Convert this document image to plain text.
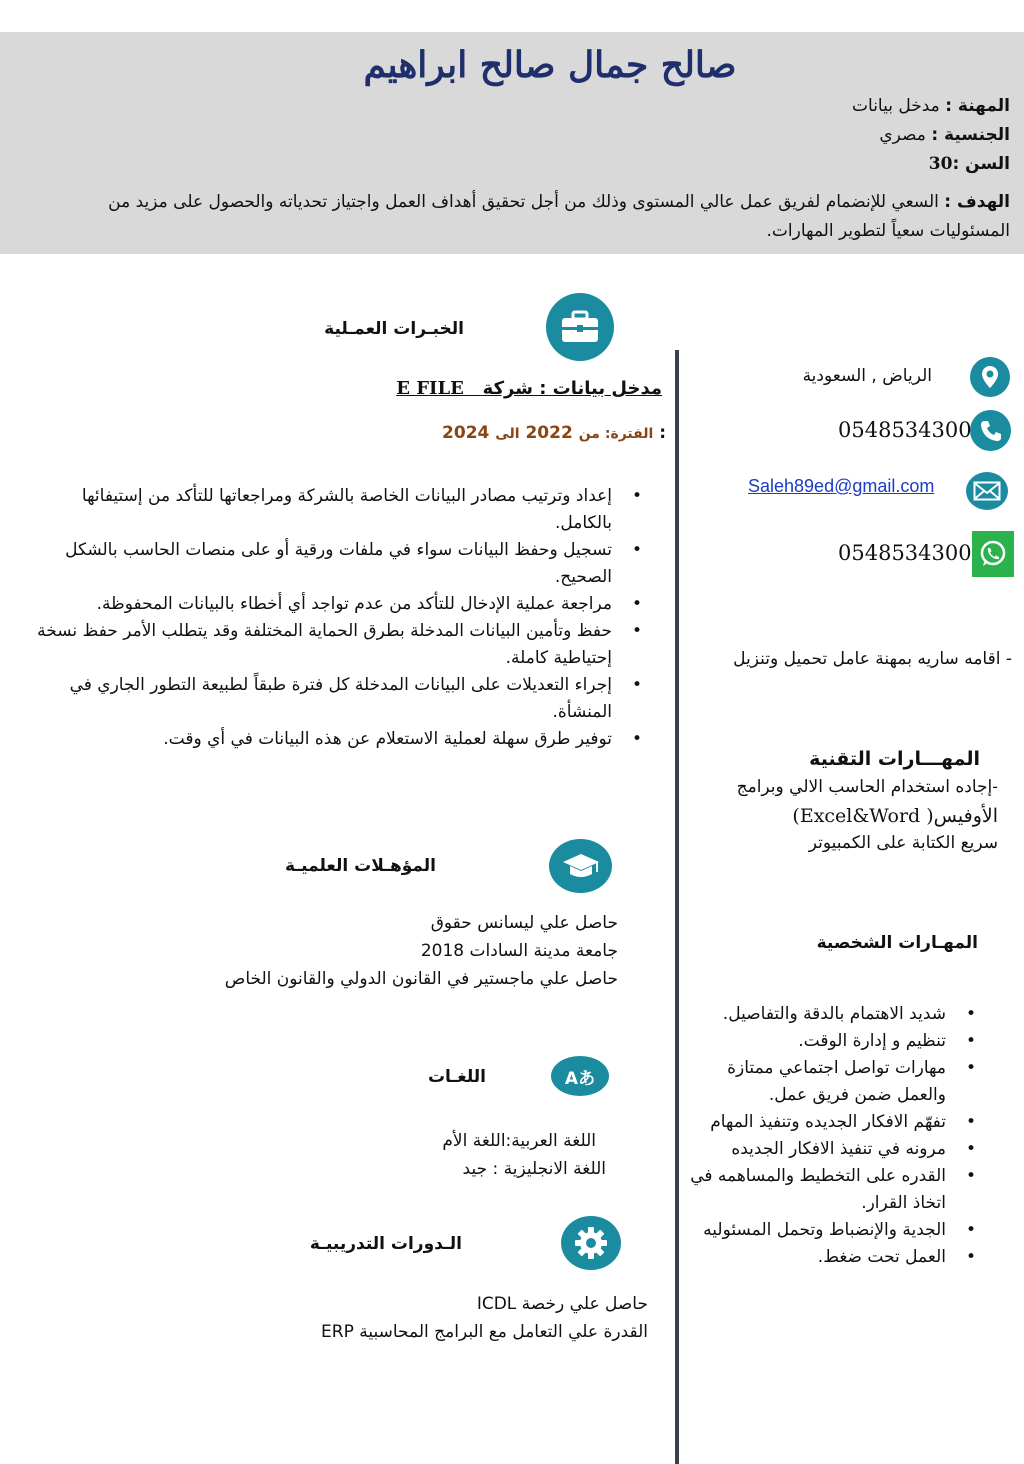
صالح جمال صالح ابراهيم
المهنة : مدخل بيانات
الجنسية : مصري
السن :30
الهدف : السعي للإنضمام لفريق عمل عالي المستوى وذلك من أجل تحقيق أهداف العمل واجتياز تحدياته والحصول على مزيد من المسئوليات سعياً لتطوير المهارات.
الخبـرات العمـلية
مدخل بيانات : شركة   E FILE
: الفترة: من 2022 الى 2024
• إعداد وترتيب مصادر البيانات الخاصة بالشركة ومراجعاتها للتأكد من إستيفائها بالكامل.
• تسجيل وحفظ البيانات سواء في ملفات ورقية أو على منصات الحاسب بالشكل الصحيح.
• مراجعة عملية الإدخال للتأكد من عدم تواجد أي أخطاء بالبيانات المحفوظة.
• حفظ وتأمين البيانات المدخلة بطرق الحماية المختلفة وقد يتطلب الأمر حفظ نسخة إحتياطية كاملة.
• إجراء التعديلات على البيانات المدخلة كل فترة طبقاً لطبيعة التطور الجاري في المنشأة.
• توفير طرق سهلة لعملية الاستعلام عن هذه البيانات في أي وقت.
المؤهـلات العلميـة
حاصل علي ليسانس حقوق
جامعة مدينة السادات 2018
حاصل علي ماجستير في القانون الدولي والقانون الخاص
Aあ
اللغـات
اللغة العربية:اللغة الأم
اللغة الانجليزية : جيد
الـدورات التدريبيـة
حاصل علي رخصة ICDL
القدرة علي التعامل مع البرامج المحاسبية ERP
الرياض , السعودية
0548534300
Saleh89ed@gmail.com
0548534300
- اقامه ساريه بمهنة عامل تحميل وتنزيل
المهـــارات التقنية
-إجاده استخدام الحاسب الالي وبرامج
الأوفيس( Excel&Word)
سريع الكتابة على الكمبيوتر
المهـارات الشخصية
• شديد الاهتمام بالدقة والتفاصيل.
• تنظيم و إدارة الوقت.
• مهارات تواصل اجتماعي ممتازة والعمل ضمن فريق عمل.
• تفهّم الافكار الجديده وتنفيذ المهام
• مرونه في تنفيذ الافكار الجديده
• القدره على التخطيط والمساهمه في اتخاذ القرار.
• الجدية والإنضباط وتحمل المسئوليه
• العمل تحت ضغط.
